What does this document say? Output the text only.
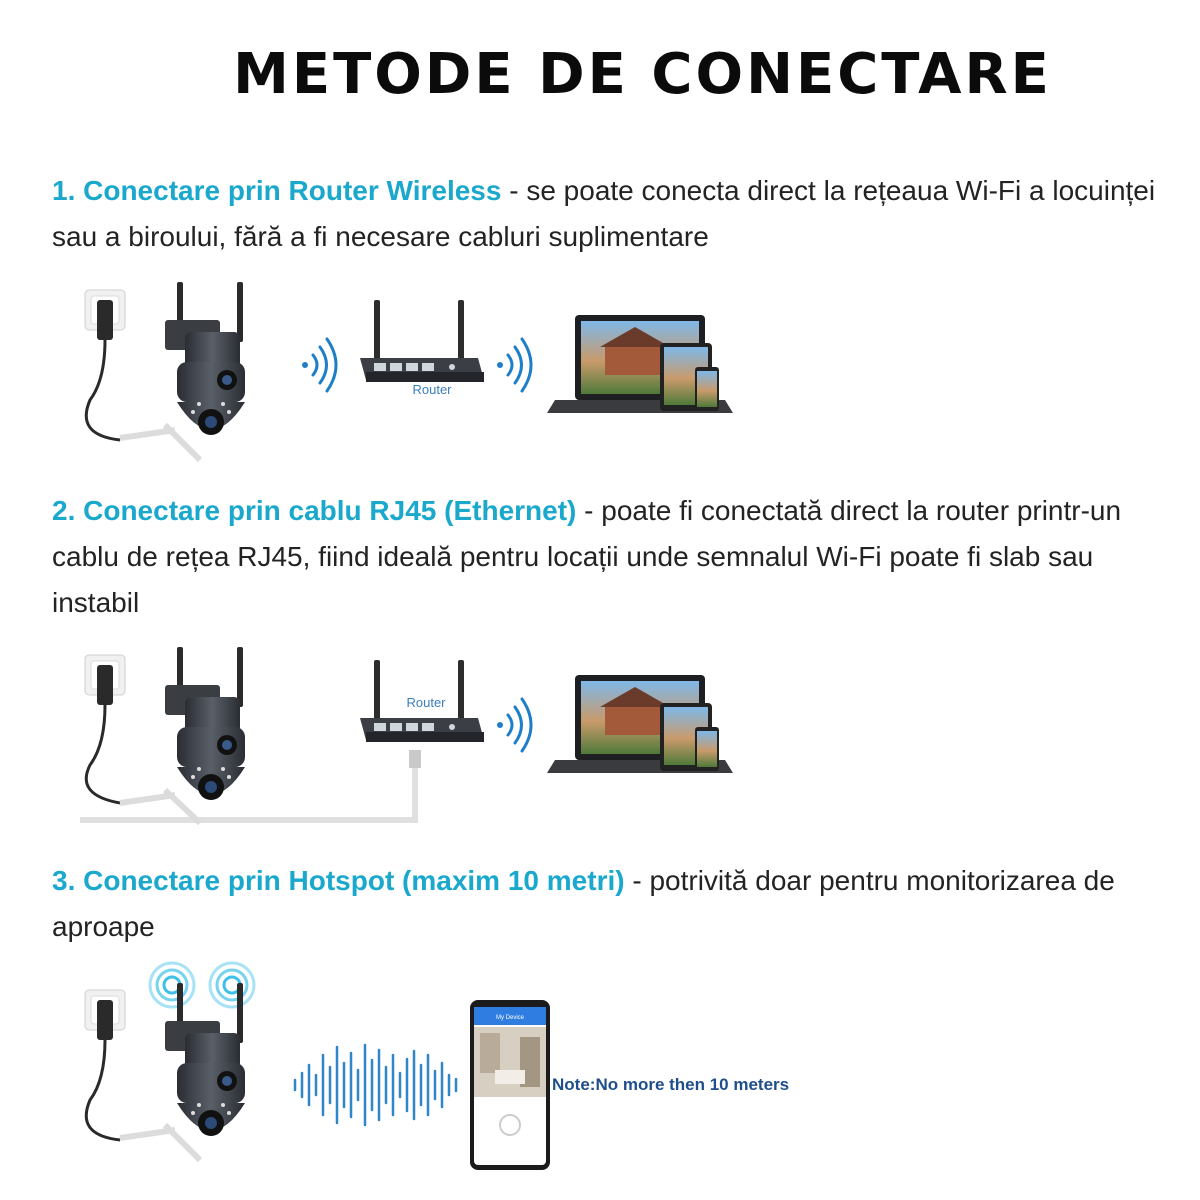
METODE DE CONECTARE
1. Conectare prin Router Wireless - se poate conecta direct la rețeaua Wi-Fi a locuinței sau a biroului, fără a fi necesare cabluri suplimentare
Router
2. Conectare prin cablu RJ45 (Ethernet) - poate fi conectată direct la router printr-un cablu de rețea RJ45, fiind ideală pentru locații unde semnalul Wi-Fi poate fi slab sau instabil
Router
3. Conectare prin Hotspot (maxim 10 metri) - potrivită doar pentru monitorizarea de aproape
My Device
Note:No more then 10 meters
